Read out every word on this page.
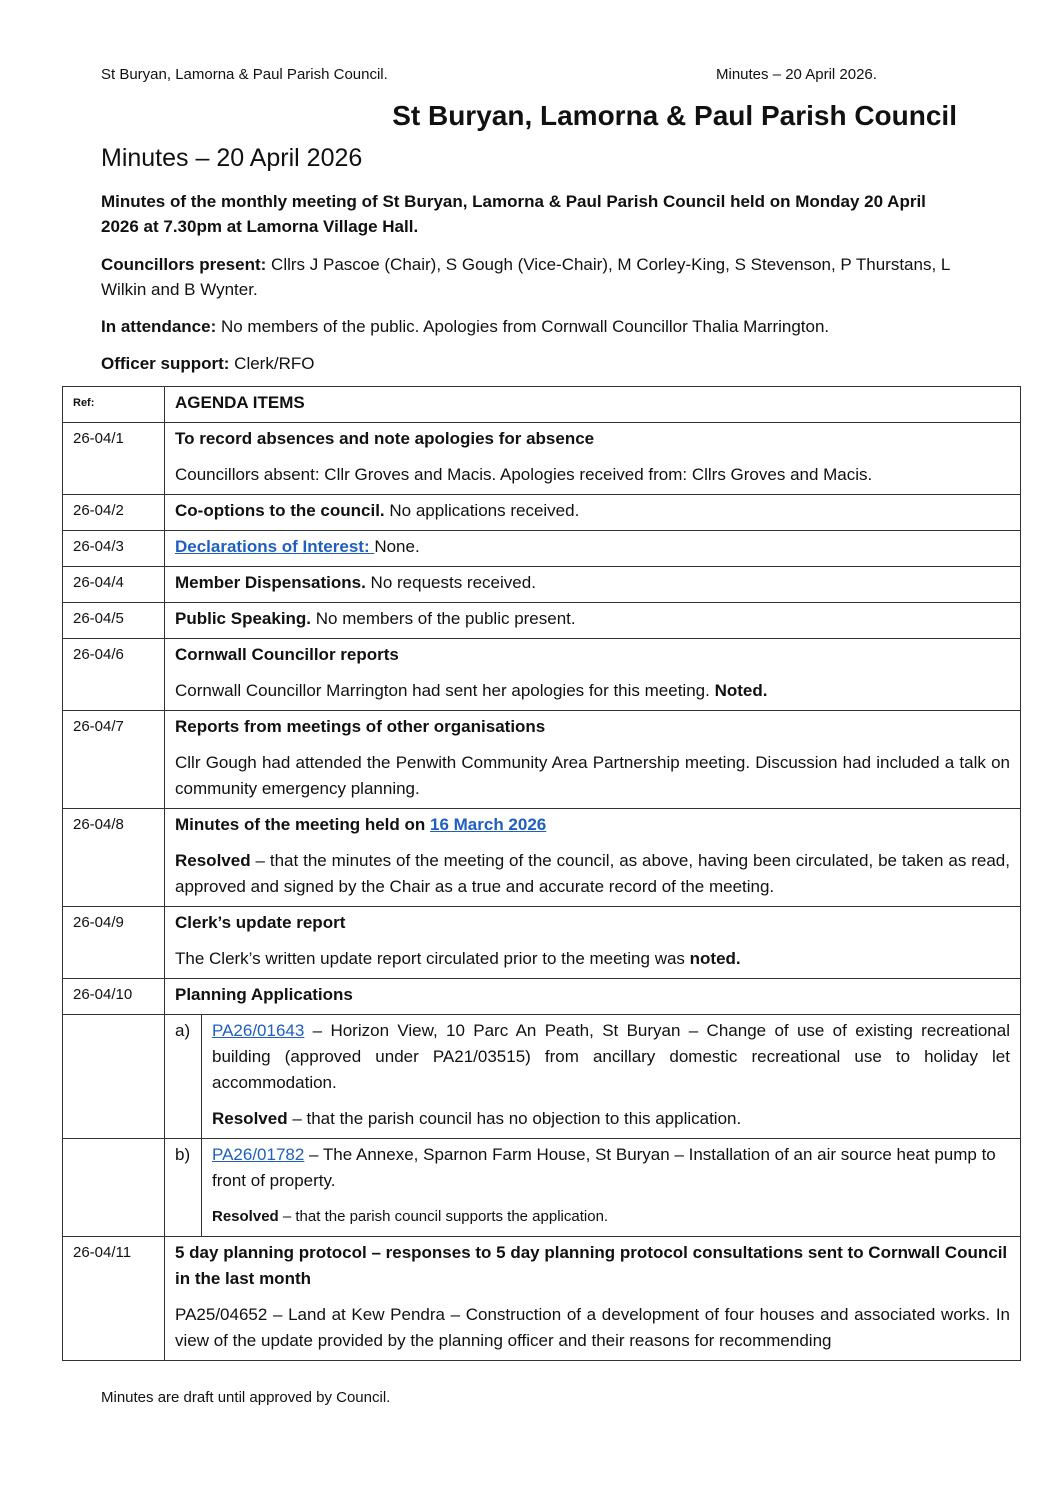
St Buryan, Lamorna & Paul Parish Council.	Minutes – 20 April 2026.
St Buryan, Lamorna & Paul Parish Council
Minutes – 20 April 2026
Minutes of the monthly meeting of St Buryan, Lamorna & Paul Parish Council held on Monday 20 April 2026 at 7.30pm at Lamorna Village Hall.
Councillors present: Cllrs J Pascoe (Chair), S Gough (Vice-Chair), M Corley-King, S Stevenson, P Thurstans, L Wilkin and B Wynter.
In attendance: No members of the public. Apologies from Cornwall Councillor Thalia Marrington.
Officer support: Clerk/RFO
Ref:	AGENDA ITEMS	
26-04/1	To record absences and note apologies for absence
Councillors absent: Cllr Groves and Macis. Apologies received from: Cllrs Groves and Macis.	

26-04/2	Co-options to the council. No applications received.	
26-04/3	Declarations of Interest: None.	
26-04/4	Member Dispensations. No requests received.	
26-04/5	Public Speaking. No members of the public present.	
26-04/6	Cornwall Councillor reports
Cornwall Councillor Marrington had sent her apologies for this meeting. Noted.	

26-04/7	Reports from meetings of other organisations
Cllr Gough had attended the Penwith Community Area Partnership meeting. Discussion had included a talk on community emergency planning.	

26-04/8	Minutes of the meeting held on 16 March 2026
Resolved – that the minutes of the meeting of the council, as above, having been circulated, be taken as read, approved and signed by the Chair as a true and accurate record of the meeting.	

26-04/9	Clerk’s update report
The Clerk’s written update report circulated prior to the meeting was noted.	

26-04/10	Planning Applications	
	a)	PA26/01643 – Horizon View, 10 Parc An Peath, St Buryan – Change of use of existing recreational building (approved under PA21/03515) from ancillary domestic recreational use to holiday let accommodation.
Resolved – that the parish council has no objection to this application.

	b)	PA26/01782 – The Annexe, Sparnon Farm House, St Buryan – Installation of an air source heat pump to front of property.
Resolved – that the parish council supports the application.

26-04/11	5 day planning protocol – responses to 5 day planning protocol consultations sent to Cornwall Council in the last month
PA25/04652 – Land at Kew Pendra – Construction of a development of four houses and associated works. In view of the update provided by the planning officer and their reasons for recommending	
Minutes are draft until approved by Council.
